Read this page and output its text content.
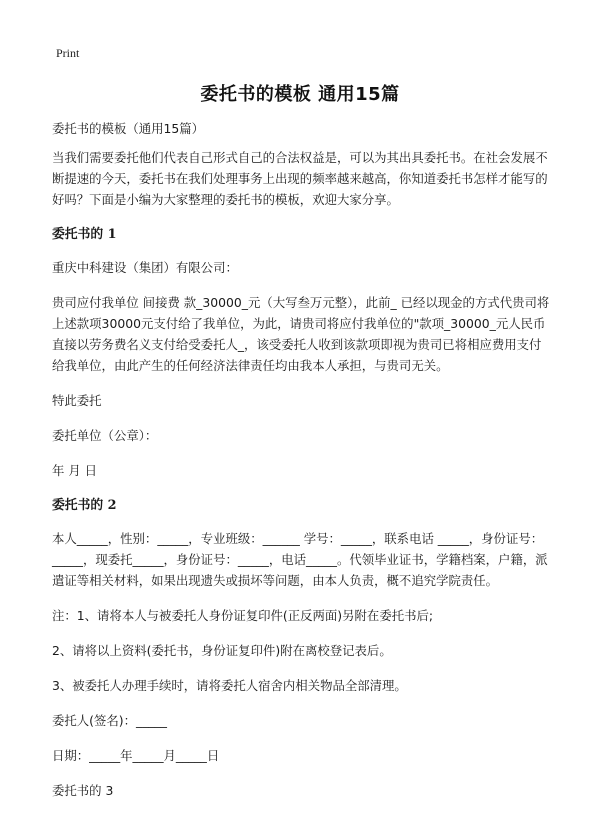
Print
委托书的模板 通用15篇

委托书的模板（通用15篇）

当我们需要委托他们代表自己形式自己的合法权益是，可以为其出具委托书。在社会发展不断提速的今天，委托书在我们处理事务上出现的频率越来越高，你知道委托书怎样才能写的好吗？下面是小编为大家整理的委托书的模板，欢迎大家分享。

委托书的 1

重庆中科建设（集团）有限公司：

贵司应付我单位 间接费 款_30000_元（大写叁万元整），此前_ 已经以现金的方式代贵司将上述款项30000元支付给了我单位，为此，请贵司将应付我单位的"款项_30000_元人民币直接以劳务费名义支付给受委托人_，该受委托人收到该款项即视为贵司已将相应费用支付给我单位，由此产生的任何经济法律责任均由我本人承担，与贵司无关。

特此委托

委托单位（公章）：

年 月 日

委托书的 2

本人_____，性别：_____，专业班级：______ 学号：_____，联系电话 _____，身份证号：_____，现委托_____，身份证号：_____，电话_____。代领毕业证书，学籍档案，户籍，派遣证等相关材料，如果出现遗失或损坏等问题，由本人负责，概不追究学院责任。

注：1、请将本人与被委托人身份证复印件(正反两面)另附在委托书后;

2、请将以上资料(委托书，身份证复印件)附在离校登记表后。

3、被委托人办理手续时，请将委托人宿舍内相关物品全部清理。

委托人(签名)：_____

日期：_____年_____月_____日

委托书的 3
